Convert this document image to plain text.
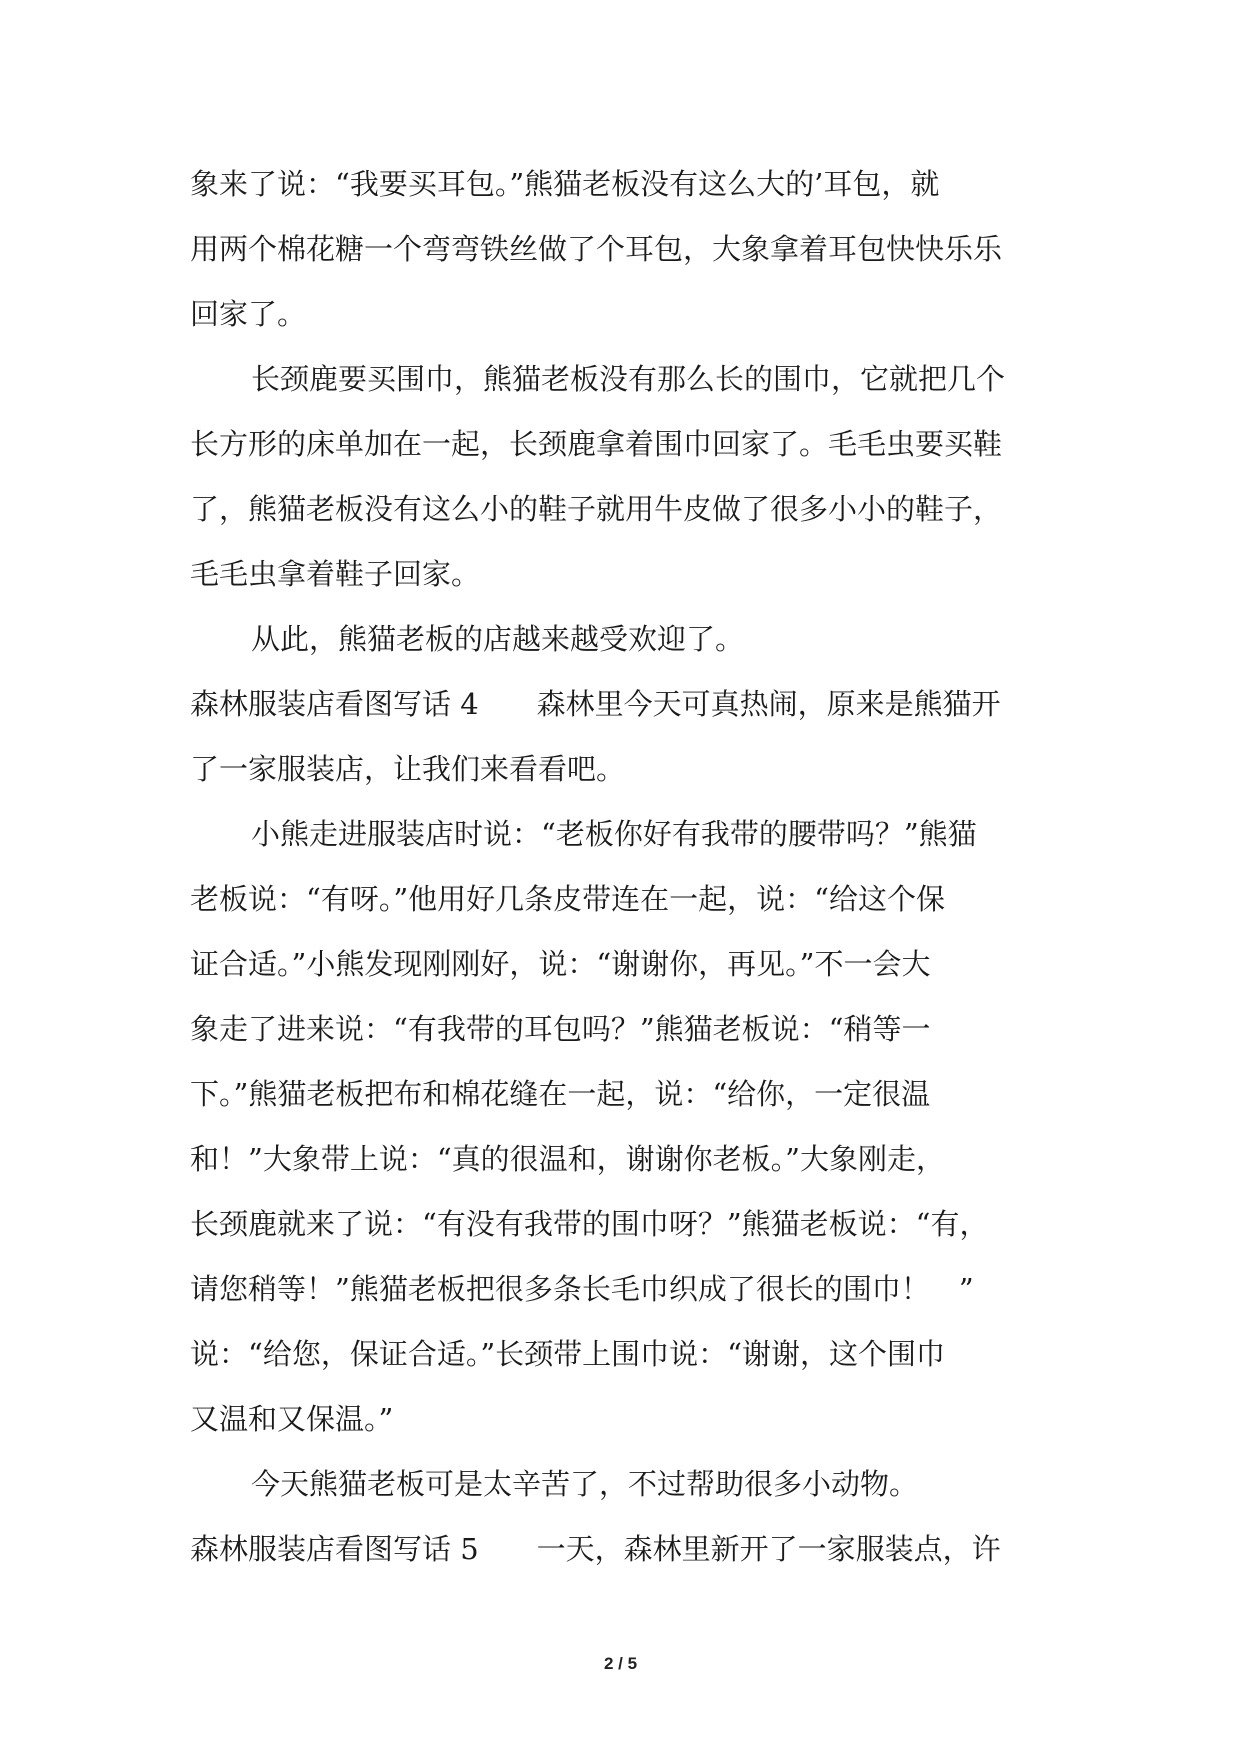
象来了说：“我要买耳包。”熊猫老板没有这么大的’耳包，就
用两个棉花糖一个弯弯铁丝做了个耳包，大象拿着耳包快快乐乐
回家了。
长颈鹿要买围巾，熊猫老板没有那么长的围巾，它就把几个
长方形的床单加在一起，长颈鹿拿着围巾回家了。毛毛虫要买鞋
了，熊猫老板没有这么小的鞋子就用牛皮做了很多小小的鞋子，
毛毛虫拿着鞋子回家。
从此，熊猫老板的店越来越受欢迎了。
森林服装店看图写话 4　　森林里今天可真热闹，原来是熊猫开
了一家服装店，让我们来看看吧。
小熊走进服装店时说：“老板你好有我带的腰带吗？”熊猫
老板说：“有呀。”他用好几条皮带连在一起，说：“给这个保
证合适。”小熊发现刚刚好，说：“谢谢你，再见。”不一会大
象走了进来说：“有我带的耳包吗？”熊猫老板说：“稍等一
下。”熊猫老板把布和棉花缝在一起，说：“给你，一定很温
和！”大象带上说：“真的很温和，谢谢你老板。”大象刚走，
长颈鹿就来了说：“有没有我带的围巾呀？”熊猫老板说：“有，
请您稍等！”熊猫老板把很多条长毛巾织成了很长的围巾！　”
说：“给您，保证合适。”长颈带上围巾说：“谢谢，这个围巾
又温和又保温。”
今天熊猫老板可是太辛苦了，不过帮助很多小动物。
森林服装店看图写话 5　　一天，森林里新开了一家服装点，许
2 / 5
